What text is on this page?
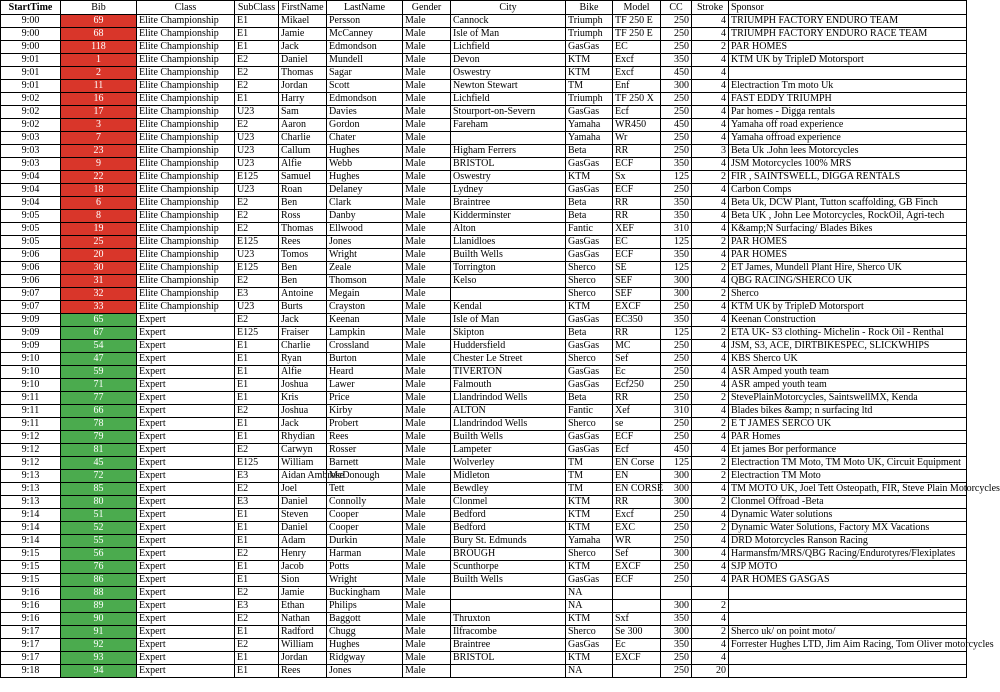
StartTime	Bib	Class	SubClass	FirstName	LastName	Gender	City	Bike	Model	CC	Stroke	Sponsor
9:00	69	Elite Championship	E1	Mikael	Persson	Male	Cannock	Triumph	TF 250 E	250	4	TRIUMPH FACTORY ENDURO TEAM
9:00	68	Elite Championship	E1	Jamie	McCanney	Male	Isle of Man	Triumph	TF 250 E	250	4	TRIUMPH FACTORY ENDURO RACE TEAM
9:00	118	Elite Championship	E1	Jack	Edmondson	Male	Lichfield	GasGas	EC	250	2	PAR HOMES
9:01	1	Elite Championship	E2	Daniel	Mundell	Male	Devon	KTM	Excf	350	4	KTM UK by TripleD Motorsport
9:01	2	Elite Championship	E2	Thomas	Sagar	Male	Oswestry	KTM	Excf	450	4	
9:01	11	Elite Championship	E2	Jordan	Scott	Male	Newton Stewart	TM	Enf	300	4	Electraction Tm moto Uk
9:02	16	Elite Championship	E1	Harry	Edmondson	Male	Lichfield	Triumph	TF 250 X	250	4	FAST EDDY TRIUMPH
9:02	17	Elite Championship	U23	Sam	Davies	Male	Stourport-on-Severn	GasGas	Ecf	250	4	Par homes - Digga rentals
9:02	3	Elite Championship	E2	Aaron	Gordon	Male	Fareham	Yamaha	WR450	450	4	Yamaha off road experience
9:03	7	Elite Championship	U23	Charlie	Chater	Male		Yamaha	Wr	250	4	Yamaha offroad experience
9:03	23	Elite Championship	U23	Callum	Hughes	Male	Higham Ferrers	Beta	RR	250	3	Beta Uk .John lees Motorcycles
9:03	9	Elite Championship	U23	Alfie	Webb	Male	BRISTOL	GasGas	ECF	350	4	JSM Motorcycles 100% MRS
9:04	22	Elite Championship	E125	Samuel	Hughes	Male	Oswestry	KTM	Sx	125	2	FIR , SAINTSWELL, DIGGA RENTALS
9:04	18	Elite Championship	U23	Roan	Delaney	Male	Lydney	GasGas	ECF	250	4	Carbon Comps
9:04	6	Elite Championship	E2	Ben	Clark	Male	Braintree	Beta	RR	350	4	Beta Uk, DCW Plant, Tutton scaffolding, GB Finch
9:05	8	Elite Championship	E2	Ross	Danby	Male	Kidderminster	Beta	RR	350	4	Beta UK , John Lee Motorcycles, RockOil, Agri-tech
9:05	19	Elite Championship	E2	Thomas	Ellwood	Male	Alton	Fantic	XEF	310	4	K&amp;N Surfacing/ Blades Bikes
9:05	25	Elite Championship	E125	Rees	Jones	Male	Llanidloes	GasGas	EC	125	2	PAR HOMES
9:06	20	Elite Championship	U23	Tomos	Wright	Male	Builth Wells	GasGas	ECF	350	4	PAR HOMES
9:06	30	Elite Championship	E125	Ben	Zeale	Male	Torrington	Sherco	SE	125	2	ET James, Mundell Plant Hire, Sherco UK
9:06	31	Elite Championship	E2	Ben	Thomson	Male	Kelso	Sherco	SEF	300	4	QBG RACING/SHERCO UK
9:07	32	Elite Championship	E3	Antoine	Megain	Male		Sherco	SEF	300	2	Sherco
9:07	33	Elite Championship	U23	Burts	Crayston	Male	Kendal	KTM	EXCF	250	4	KTM UK by TripleD Motorsport
9:09	65	Expert	E2	Jack	Keenan	Male	Isle of Man	GasGas	EC350	350	4	Keenan Construction
9:09	67	Expert	E125	Fraiser	Lampkin	Male	Skipton	Beta	RR	125	2	ETA UK- S3 clothing- Michelin - Rock Oil - Renthal
9:09	54	Expert	E1	Charlie	Crossland	Male	Huddersfield	GasGas	MC	250	4	JSM, S3, ACE, DIRTBIKESPEC, SLICKWHIPS
9:10	47	Expert	E1	Ryan	Burton	Male	Chester Le Street	Sherco	Sef	250	4	KBS Sherco UK
9:10	59	Expert	E1	Alfie	Heard	Male	TIVERTON	GasGas	Ec	250	4	ASR Amped youth team
9:10	71	Expert	E1	Joshua	Lawer	Male	Falmouth	GasGas	Ecf250	250	4	ASR amped youth team
9:11	77	Expert	E1	Kris	Price	Male	Llandrindod Wells	Beta	RR	250	2	StevePlainMotorcycles, SaintswellMX, Kenda
9:11	66	Expert	E2	Joshua	Kirby	Male	ALTON	Fantic	Xef	310	4	Blades bikes &amp; n surfacing ltd
9:11	78	Expert	E1	Jack	Probert	Male	Llandrindod Wells	Sherco	se	250	2	E T JAMES SERCO UK
9:12	79	Expert	E1	Rhydian	Rees	Male	Builth Wells	GasGas	ECF	250	4	PAR Homes
9:12	81	Expert	E2	Carwyn	Rosser	Male	Lampeter	GasGas	Ecf	450	4	Et james Bor performance
9:12	45	Expert	E125	William	Barnett	Male	Wolverley	TM	EN Corse	125	2	Electraction TM Moto, TM Moto UK, Circuit Equipment
9:13	72	Expert	E3	Aidan Ambrose	McDonough	Male	Midleton	TM	EN	300	2	Electraction TM Moto
9:13	85	Expert	E2	Joel	Tett	Male	Bewdley	TM	EN CORSE	300	4	TM MOTO UK, Joel Tett Osteopath, FIR, Steve Plain Motorcycles
9:13	80	Expert	E3	Daniel	Connolly	Male	Clonmel	KTM	RR	300	2	Clonmel Offroad -Beta
9:14	51	Expert	E1	Steven	Cooper	Male	Bedford	KTM	Excf	250	4	Dynamic Water solutions
9:14	52	Expert	E1	Daniel	Cooper	Male	Bedford	KTM	EXC	250	2	Dynamic Water Solutions, Factory MX Vacations
9:14	55	Expert	E1	Adam	Durkin	Male	Bury St. Edmunds	Yamaha	WR	250	4	DRD Motorcycles Ranson Racing
9:15	56	Expert	E2	Henry	Harman	Male	BROUGH	Sherco	Sef	300	4	Harmansfm/MRS/QBG Racing/Endurotyres/Flexiplates
9:15	76	Expert	E1	Jacob	Potts	Male	Scunthorpe	KTM	EXCF	250	4	SJP MOTO
9:15	86	Expert	E1	Sion	Wright	Male	Builth Wells	GasGas	ECF	250	4	PAR HOMES GASGAS
9:16	88	Expert	E2	Jamie	Buckingham	Male		NA				
9:16	89	Expert	E3	Ethan	Philips	Male		NA		300	2	
9:16	90	Expert	E2	Nathan	Baggott	Male	Thruxton	KTM	Sxf	350	4	
9:17	91	Expert	E1	Radford	Chugg	Male	Ilfracombe	Sherco	Se 300	300	2	Sherco uk/ on point moto/
9:17	92	Expert	E2	William	Hughes	Male	Braintree	GasGas	Ec	350	4	Forrester Hughes LTD, Jim Aim Racing, Tom Oliver motorcycles
9:17	93	Expert	E1	Jordan	Ridgway	Male	BRISTOL	KTM	EXCF	250	4	
9:18	94	Expert	E1	Rees	Jones	Male		NA		250	20	
